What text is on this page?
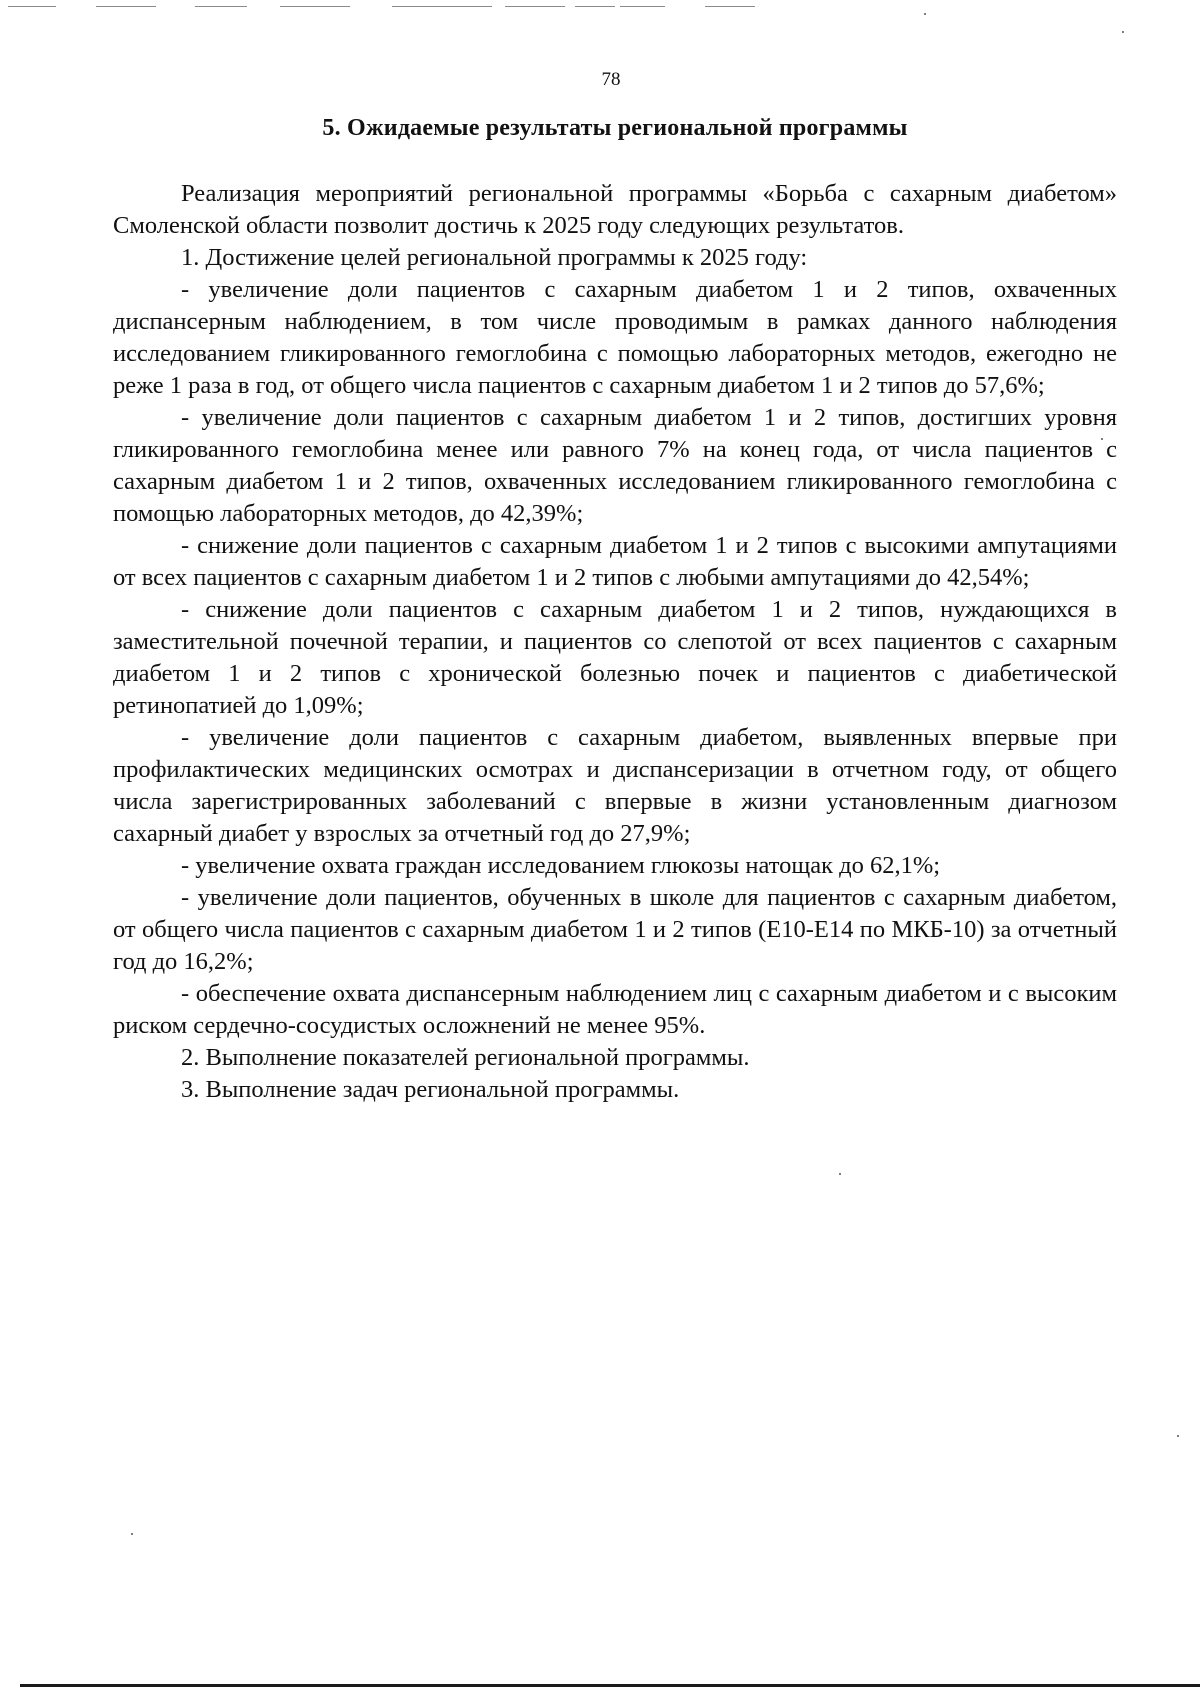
78
5. Ожидаемые результаты региональной программы

Реализация мероприятий региональной программы «Борьба с сахарным диабетом» Смоленской области позволит достичь к 2025 году следующих результатов.

1. Достижение целей региональной программы к 2025 году:

- увеличение доли пациентов с сахарным диабетом 1 и 2 типов, охваченных диспансерным наблюдением, в том числе проводимым в рамках данного наблюдения исследованием гликированного гемоглобина с помощью лабораторных методов, ежегодно не реже 1 раза в год, от общего числа пациентов с сахарным диабетом 1 и 2 типов до 57,6%;

- увеличение доли пациентов с сахарным диабетом 1 и 2 типов, достигших уровня гликированного гемоглобина менее или равного 7% на конец года, от числа пациентов с сахарным диабетом 1 и 2 типов, охваченных исследованием гликированного гемоглобина с помощью лабораторных методов, до 42,39%;

- снижение доли пациентов с сахарным диабетом 1 и 2 типов с высокими ампутациями от всех пациентов с сахарным диабетом 1 и 2 типов с любыми ампутациями до 42,54%;

- снижение доли пациентов с сахарным диабетом 1 и 2 типов, нуждающихся в заместительной почечной терапии, и пациентов со слепотой от всех пациентов с сахарным диабетом 1 и 2 типов с хронической болезнью почек и пациентов с диабетической ретинопатией до 1,09%;

- увеличение доли пациентов с сахарным диабетом, выявленных впервые при профилактических медицинских осмотрах и диспансеризации в отчетном году, от общего числа зарегистрированных заболеваний с впервые в жизни установленным диагнозом сахарный диабет у взрослых за отчетный год до 27,9%;

- увеличение охвата граждан исследованием глюкозы натощак до 62,1%;

- увеличение доли пациентов, обученных в школе для пациентов с сахарным диабетом, от общего числа пациентов с сахарным диабетом 1 и 2 типов (Е10-Е14 по МКБ-10) за отчетный год до 16,2%;

- обеспечение охвата диспансерным наблюдением лиц с сахарным диабетом и с высоким риском сердечно-сосудистых осложнений не менее 95%.

2. Выполнение показателей региональной программы.

3. Выполнение задач региональной программы.
